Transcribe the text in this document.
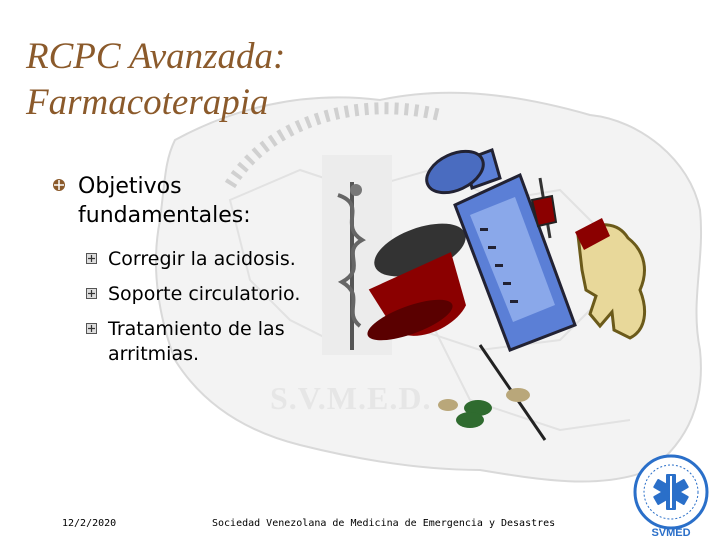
S.V.M.E.D.
RCPC Avanzada:
Farmacoterapia
Objetivos
fundamentales:
Corregir la acidosis.
Soporte circulatorio.
Tratamiento de las
arritmias.
12/2/2020	Sociedad Venezolana de Medicina de Emergencia y Desastres
SVMED
